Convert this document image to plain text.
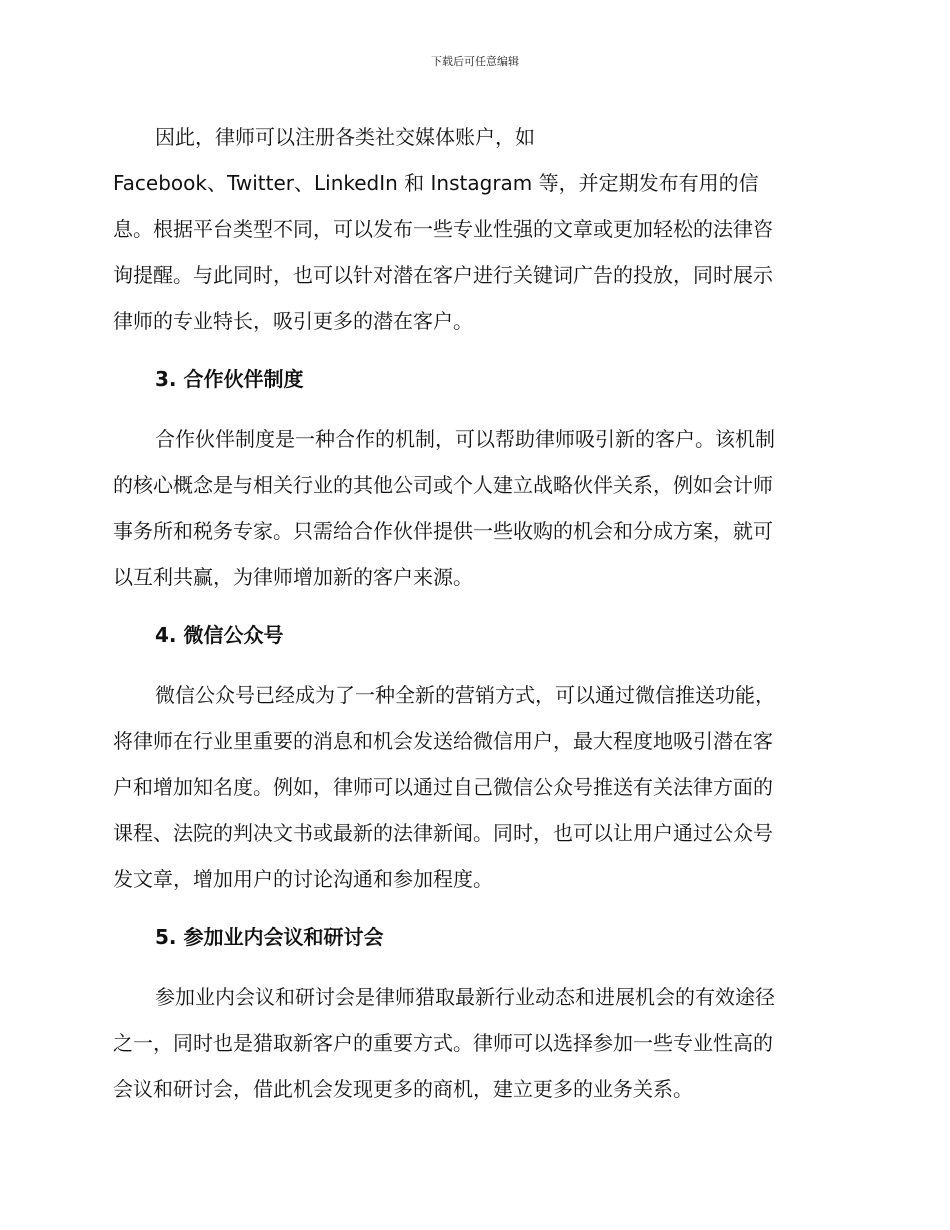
下载后可任意编辑
因此，律师可以注册各类社交媒体账户，如
Facebook、Twitter、LinkedIn 和 Instagram 等，并定期发布有用的信
息。根据平台类型不同，可以发布一些专业性强的文章或更加轻松的法律咨
询提醒。与此同时，也可以针对潜在客户进行关键词广告的投放，同时展示
律师的专业特长，吸引更多的潜在客户。
3. 合作伙伴制度
合作伙伴制度是一种合作的机制，可以帮助律师吸引新的客户。该机制
的核心概念是与相关行业的其他公司或个人建立战略伙伴关系，例如会计师
事务所和税务专家。只需给合作伙伴提供一些收购的机会和分成方案，就可
以互利共赢，为律师增加新的客户来源。
4. 微信公众号
微信公众号已经成为了一种全新的营销方式，可以通过微信推送功能，
将律师在行业里重要的消息和机会发送给微信用户，最大程度地吸引潜在客
户和增加知名度。例如，律师可以通过自己微信公众号推送有关法律方面的
课程、法院的判决文书或最新的法律新闻。同时，也可以让用户通过公众号
发文章，增加用户的讨论沟通和参加程度。
5. 参加业内会议和研讨会
参加业内会议和研讨会是律师猎取最新行业动态和进展机会的有效途径
之一，同时也是猎取新客户的重要方式。律师可以选择参加一些专业性高的
会议和研讨会，借此机会发现更多的商机，建立更多的业务关系。
